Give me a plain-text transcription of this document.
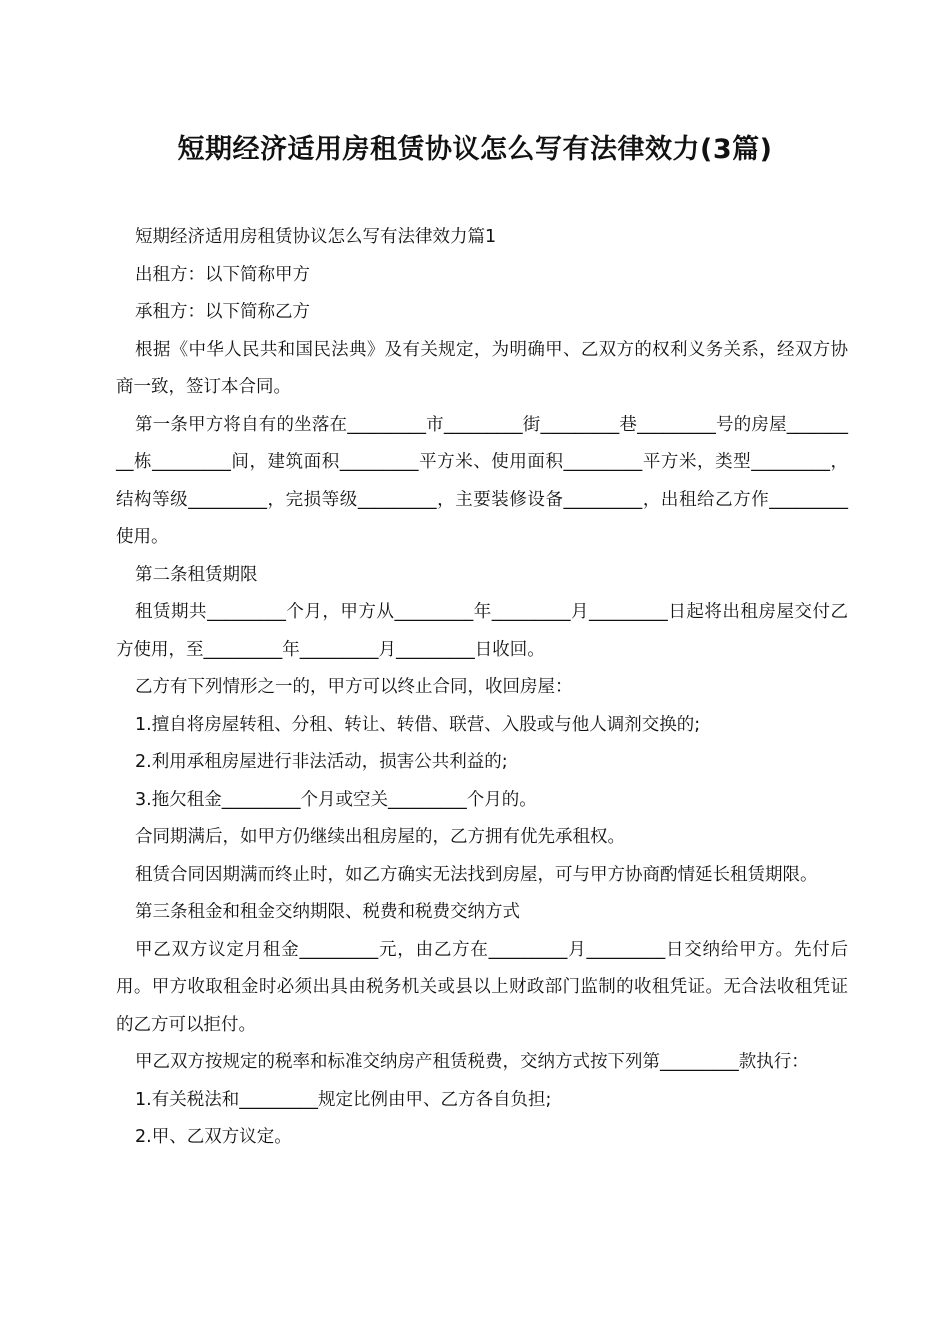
短期经济适用房租赁协议怎么写有法律效力(3篇)

短期经济适用房租赁协议怎么写有法律效力篇1

出租方：以下简称甲方

承租方：以下简称乙方

根据《中华人民共和国民法典》及有关规定，为明确甲、乙双方的权利义务关系，经双方协商一致，签订本合同。

第一条甲方将自有的坐落在_________市_________街_________巷_________号的房屋_________栋_________间，建筑面积_________平方米、使用面积_________平方米，类型_________，结构等级_________，完损等级_________，主要装修设备_________，出租给乙方作_________使用。

第二条租赁期限

租赁期共_________个月，甲方从_________年_________月_________日起将出租房屋交付乙方使用，至_________年_________月_________日收回。

乙方有下列情形之一的，甲方可以终止合同，收回房屋：

1.擅自将房屋转租、分租、转让、转借、联营、入股或与他人调剂交换的;

2.利用承租房屋进行非法活动，损害公共利益的;

3.拖欠租金_________个月或空关_________个月的。

合同期满后，如甲方仍继续出租房屋的，乙方拥有优先承租权。

租赁合同因期满而终止时，如乙方确实无法找到房屋，可与甲方协商酌情延长租赁期限。

第三条租金和租金交纳期限、税费和税费交纳方式

甲乙双方议定月租金_________元，由乙方在_________月_________日交纳给甲方。先付后用。甲方收取租金时必须出具由税务机关或县以上财政部门监制的收租凭证。无合法收租凭证的乙方可以拒付。

甲乙双方按规定的税率和标准交纳房产租赁税费，交纳方式按下列第_________款执行：

1.有关税法和_________规定比例由甲、乙方各自负担;

2.甲、乙双方议定。
